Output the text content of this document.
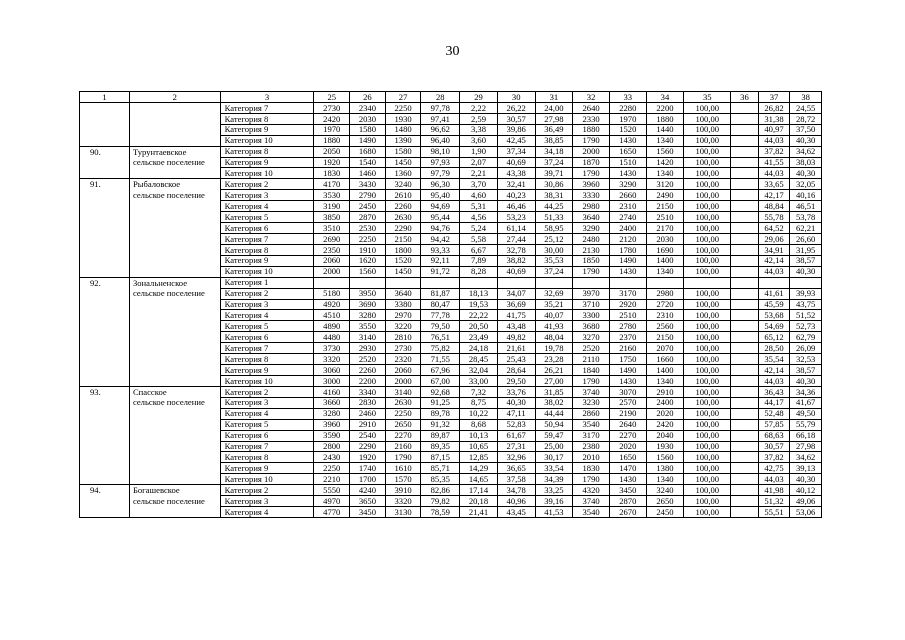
30
1	2	3	25	26	27	28	29	30	31	32	33	34	35	36	37	38
		Категория 7	2730	2340	2250	97,78	2,22	26,22	24,00	2640	2280	2200	100,00		26,82	24,55
		Категория 8	2420	2030	1930	97,41	2,59	30,57	27,98	2330	1970	1880	100,00		31,38	28,72
		Категория 9	1970	1580	1480	96,62	3,38	39,86	36,49	1880	1520	1440	100,00		40,97	37,50
		Категория 10	1880	1490	1390	96,40	3,60	42,45	38,85	1790	1430	1340	100,00		44,03	40,30
90.	Турунтаевское	Категория 8	2050	1680	1580	98,10	1,90	37,34	34,18	2000	1650	1560	100,00		37,82	34,62
	сельское поселение	Категория 9	1920	1540	1450	97,93	2,07	40,69	37,24	1870	1510	1420	100,00		41,55	38,03
		Категория 10	1830	1460	1360	97,79	2,21	43,38	39,71	1790	1430	1340	100,00		44,03	40,30
91.	Рыбаловское	Категория 2	4170	3430	3240	96,30	3,70	32,41	30,86	3960	3290	3120	100,00		33,65	32,05
	сельское поселение	Категория 3	3530	2790	2610	95,40	4,60	40,23	38,31	3330	2660	2490	100,00		42,17	40,16
		Категория 4	3190	2450	2260	94,69	5,31	46,46	44,25	2980	2310	2150	100,00		48,84	46,51
		Категория 5	3850	2870	2630	95,44	4,56	53,23	51,33	3640	2740	2510	100,00		55,78	53,78
		Категория 6	3510	2530	2290	94,76	5,24	61,14	58,95	3290	2400	2170	100,00		64,52	62,21
		Категория 7	2690	2250	2150	94,42	5,58	27,44	25,12	2480	2120	2030	100,00		29,06	26,60
		Категория 8	2350	1910	1800	93,33	6,67	32,78	30,00	2130	1780	1690	100,00		34,91	31,95
		Категория 9	2060	1620	1520	92,11	7,89	38,82	35,53	1850	1490	1400	100,00		42,14	38,57
		Категория 10	2000	1560	1450	91,72	8,28	40,69	37,24	1790	1430	1340	100,00		44,03	40,30
92.	Зональненское	Категория 1														
	сельское поселение	Категория 2	5180	3950	3640	81,87	18,13	34,07	32,69	3970	3170	2980	100,00		41,61	39,93
		Категория 3	4920	3690	3380	80,47	19,53	36,69	35,21	3710	2920	2720	100,00		45,59	43,75
		Категория 4	4510	3280	2970	77,78	22,22	41,75	40,07	3300	2510	2310	100,00		53,68	51,52
		Категория 5	4890	3550	3220	79,50	20,50	43,48	41,93	3680	2780	2560	100,00		54,69	52,73
		Категория 6	4480	3140	2810	76,51	23,49	49,82	48,04	3270	2370	2150	100,00		65,12	62,79
		Категория 7	3730	2930	2730	75,82	24,18	21,61	19,78	2520	2160	2070	100,00		28,50	26,09
		Категория 8	3320	2520	2320	71,55	28,45	25,43	23,28	2110	1750	1660	100,00		35,54	32,53
		Категория 9	3060	2260	2060	67,96	32,04	28,64	26,21	1840	1490	1400	100,00		42,14	38,57
		Категория 10	3000	2200	2000	67,00	33,00	29,50	27,00	1790	1430	1340	100,00		44,03	40,30
93.	Спасское	Категория 2	4160	3340	3140	92,68	7,32	33,76	31,85	3740	3070	2910	100,00		36,43	34,36
	сельское поселение	Категория 3	3660	2830	2630	91,25	8,75	40,30	38,02	3230	2570	2400	100,00		44,17	41,67
		Категория 4	3280	2460	2250	89,78	10,22	47,11	44,44	2860	2190	2020	100,00		52,48	49,50
		Категория 5	3960	2910	2650	91,32	8,68	52,83	50,94	3540	2640	2420	100,00		57,85	55,79
		Категория 6	3590	2540	2270	89,87	10,13	61,67	59,47	3170	2270	2040	100,00		68,63	66,18
		Категория 7	2800	2290	2160	89,35	10,65	27,31	25,00	2380	2020	1930	100,00		30,57	27,98
		Категория 8	2430	1920	1790	87,15	12,85	32,96	30,17	2010	1650	1560	100,00		37,82	34,62
		Категория 9	2250	1740	1610	85,71	14,29	36,65	33,54	1830	1470	1380	100,00		42,75	39,13
		Категория 10	2210	1700	1570	85,35	14,65	37,58	34,39	1790	1430	1340	100,00		44,03	40,30
94.	Богашевское	Категория 2	5550	4240	3910	82,86	17,14	34,78	33,25	4320	3450	3240	100,00		41,98	40,12
	сельское поселение	Категория 3	4970	3650	3320	79,82	20,18	40,96	39,16	3740	2870	2650	100,00		51,32	49,06
		Категория 4	4770	3450	3130	78,59	21,41	43,45	41,53	3540	2670	2450	100,00		55,51	53,06
